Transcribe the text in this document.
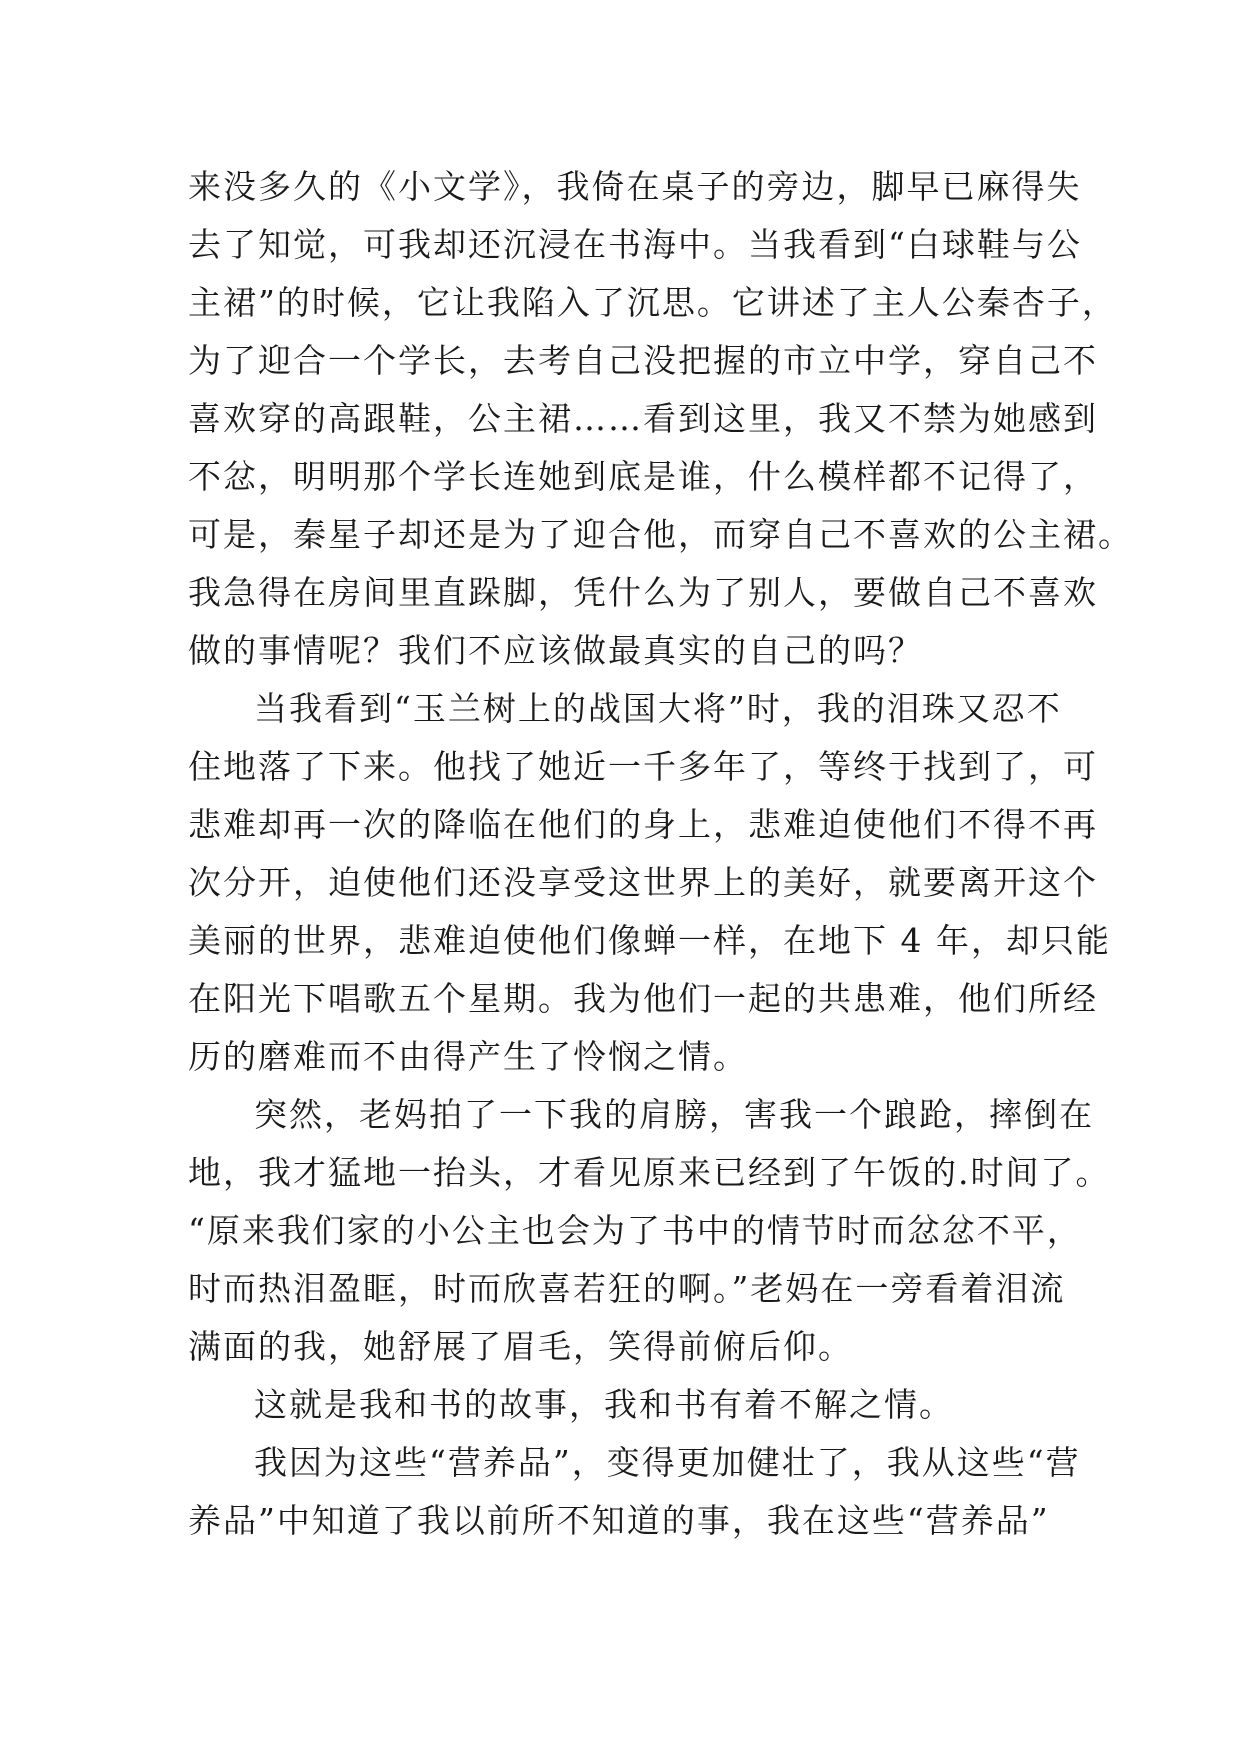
来没多久的《小文学》，我倚在桌子的旁边，脚早已麻得失
去了知觉，可我却还沉浸在书海中。当我看到“白球鞋与公
主裙”的时候，它让我陷入了沉思。它讲述了主人公秦杏子，
为了迎合一个学长，去考自己没把握的市立中学，穿自己不
喜欢穿的高跟鞋，公主裙……看到这里，我又不禁为她感到
不忿，明明那个学长连她到底是谁，什么模样都不记得了，
可是，秦星子却还是为了迎合他，而穿自己不喜欢的公主裙。
我急得在房间里直跺脚，凭什么为了别人，要做自己不喜欢
做的事情呢？我们不应该做最真实的自己的吗？
当我看到“玉兰树上的战国大将”时，我的泪珠又忍不
住地落了下来。他找了她近一千多年了，等终于找到了，可
悲难却再一次的降临在他们的身上，悲难迫使他们不得不再
次分开，迫使他们还没享受这世界上的美好，就要离开这个
美丽的世界，悲难迫使他们像蝉一样，在地下 4 年，却只能
在阳光下唱歌五个星期。我为他们一起的共患难，他们所经
历的磨难而不由得产生了怜悯之情。
突然，老妈拍了一下我的肩膀，害我一个踉跄，摔倒在
地，我才猛地一抬头，才看见原来已经到了午饭的.时间了。
“原来我们家的小公主也会为了书中的情节时而忿忿不平，
时而热泪盈眶，时而欣喜若狂的啊。”老妈在一旁看着泪流
满面的我，她舒展了眉毛，笑得前俯后仰。
这就是我和书的故事，我和书有着不解之情。
我因为这些“营养品”，变得更加健壮了，我从这些“营
养品”中知道了我以前所不知道的事，我在这些“营养品”
